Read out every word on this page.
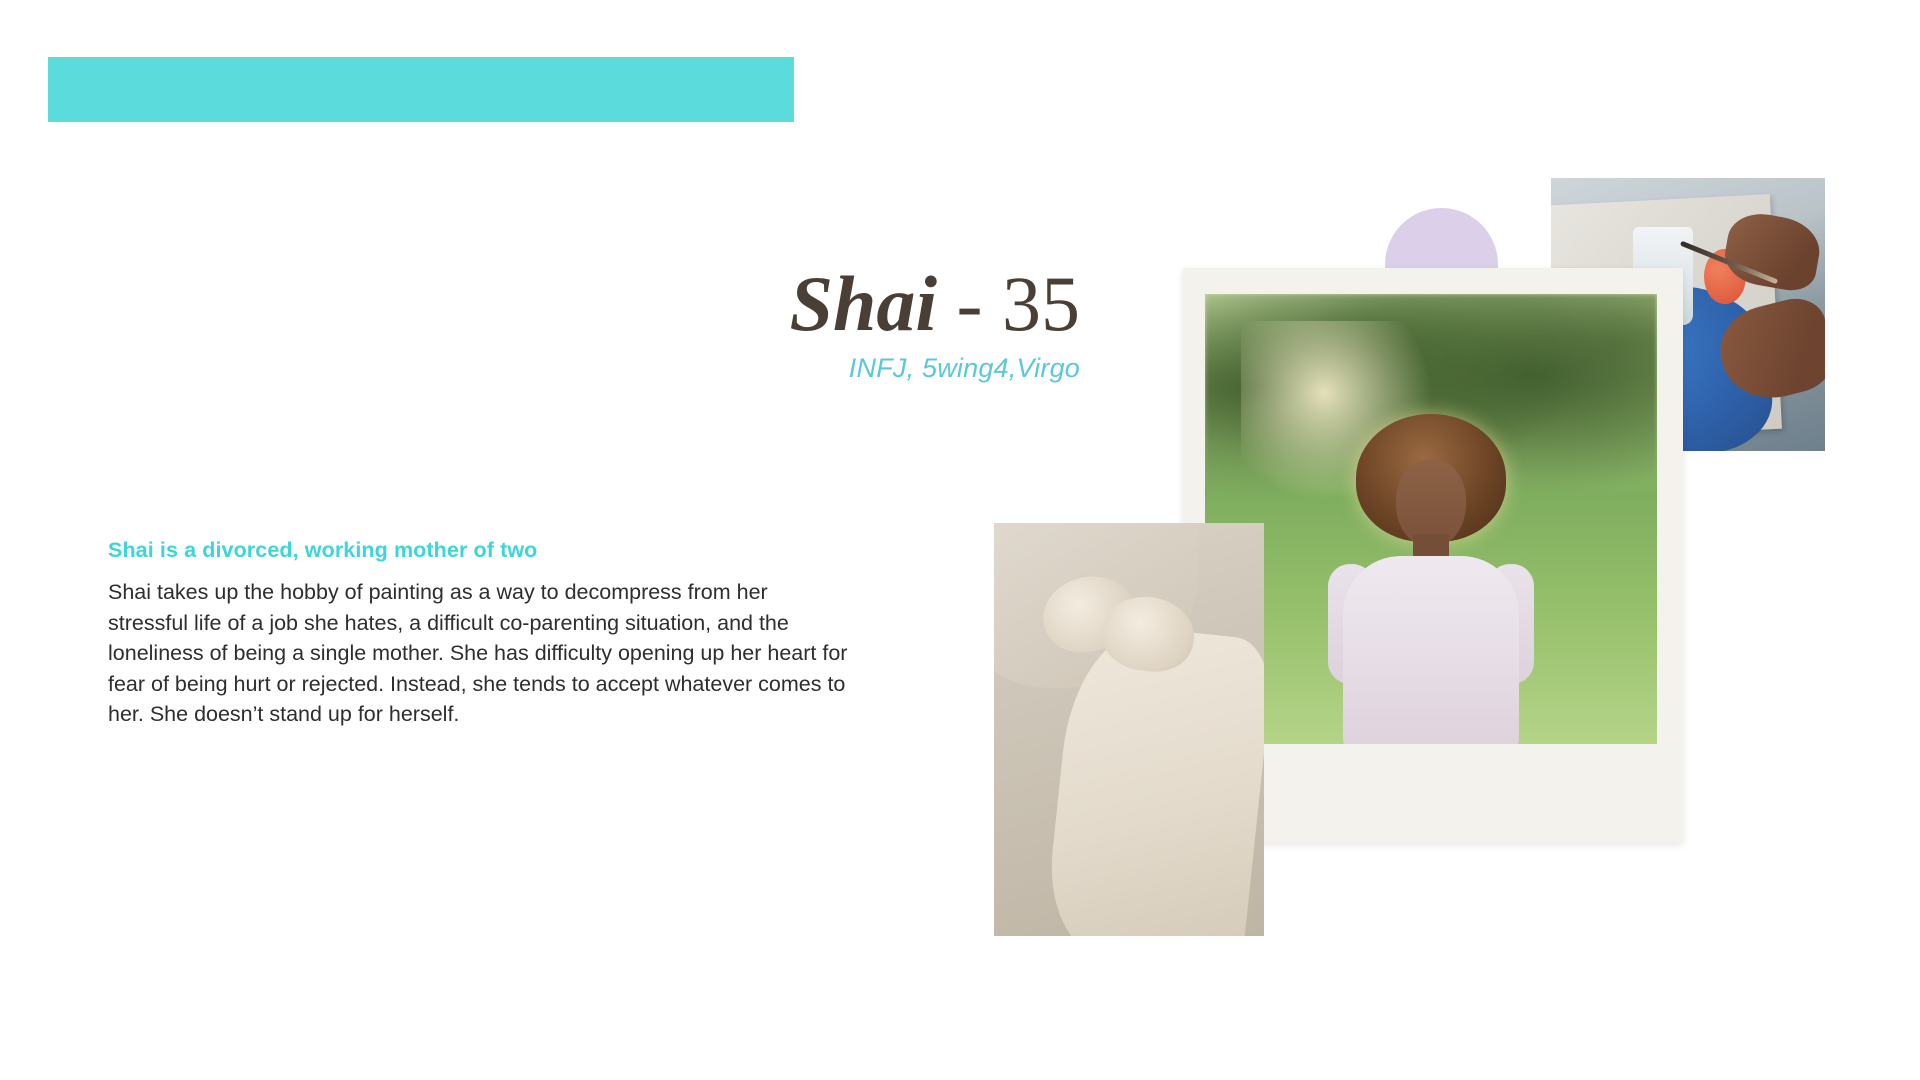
Shai - 35

INFJ, 5wing4,Virgo

Shai is a divorced, working mother of two

Shai takes up the hobby of painting as a way to decompress from her stressful life of a job she hates, a difficult co-parenting situation, and the loneliness of being a single mother. She has difficulty opening up her heart for fear of being hurt or rejected. Instead, she tends to accept whatever comes to her. She doesn’t stand up for herself.
